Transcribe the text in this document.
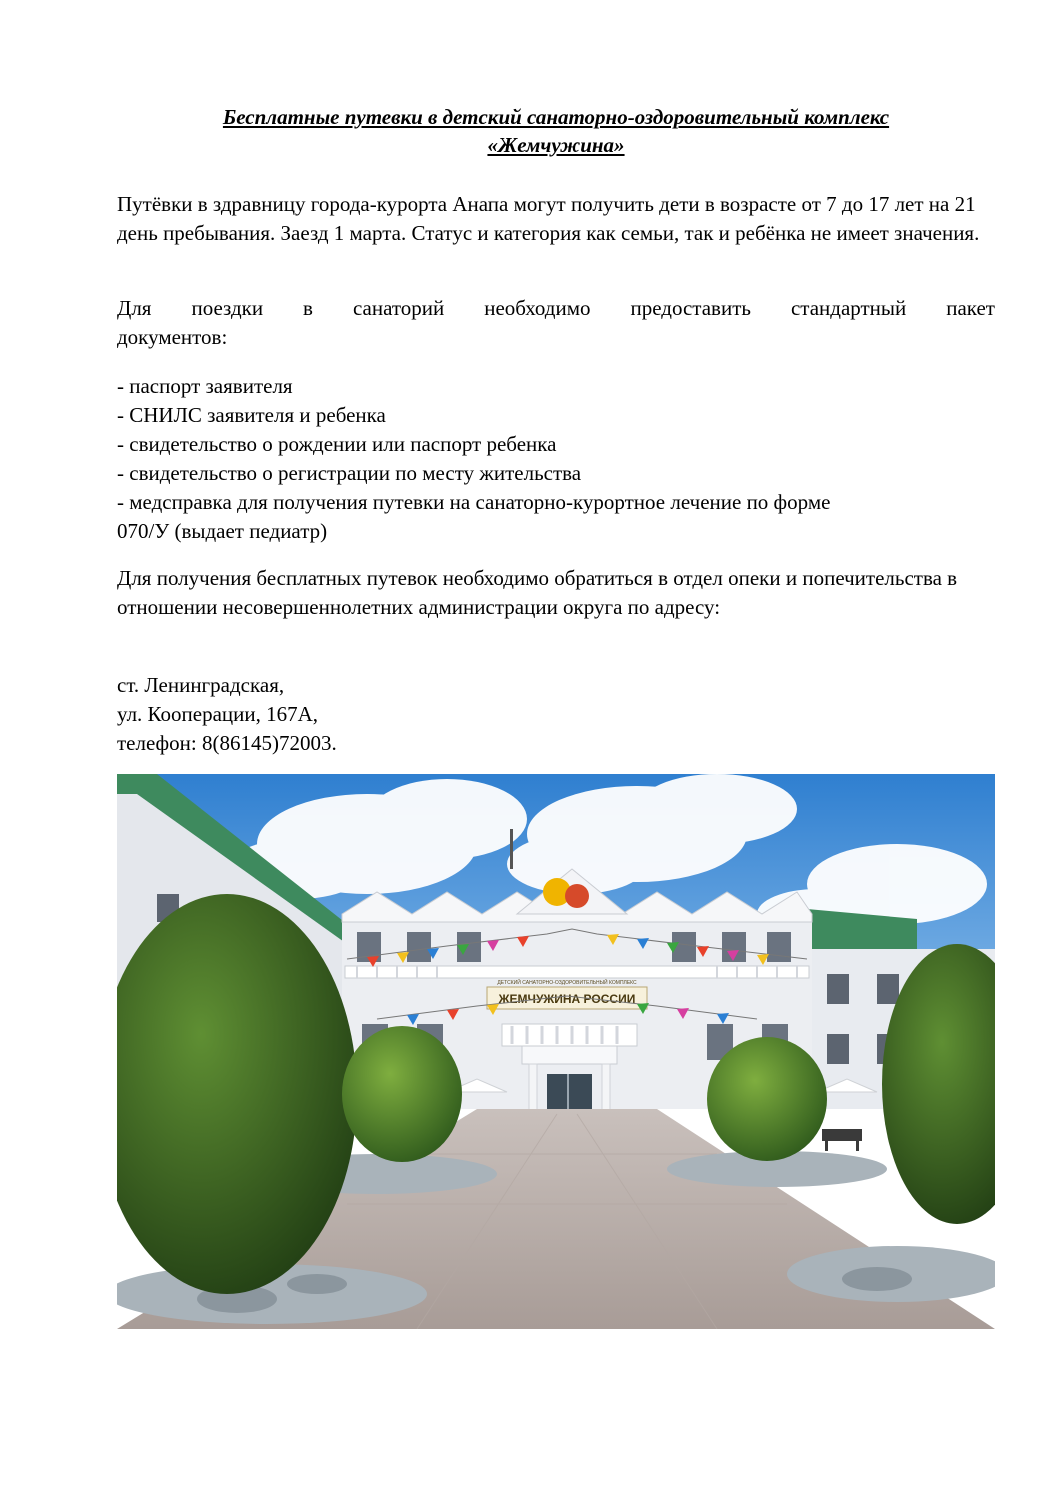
Бесплатные путевки в детский санаторно-оздоровительный комплекс
«Жемчужина»

Путёвки в здравницу города-курорта Анапа могут получить дети в возрасте от 7 до 17 лет на 21 день пребывания. Заезд 1 марта. Статус и категория как семьи, так и ребёнка не имеет значения.

Для поездки в санаторий необходимо предоставить стандартный пакет

документов:

- паспорт заявителя
- СНИЛС заявителя и ребенка
- свидетельство о рождении или паспорт ребенка
- свидетельство о регистрации по месту жительства
- медсправка для получения путевки на санаторно-курортное лечение по форме
070/У (выдает педиатр)

Для получения бесплатных путевок необходимо обратиться в отдел опеки и попечительства в отношении несовершеннолетних администрации округа по адресу:

ст. Ленинградская,
ул. Кооперации, 167А,
телефон: 8(86145)72003.
ДЕТСКИЙ САНАТОРНО-ОЗДОРОВИТЕЛЬНЫЙ КОМПЛЕКС
ЖЕМЧУЖИНА РОССИИ
